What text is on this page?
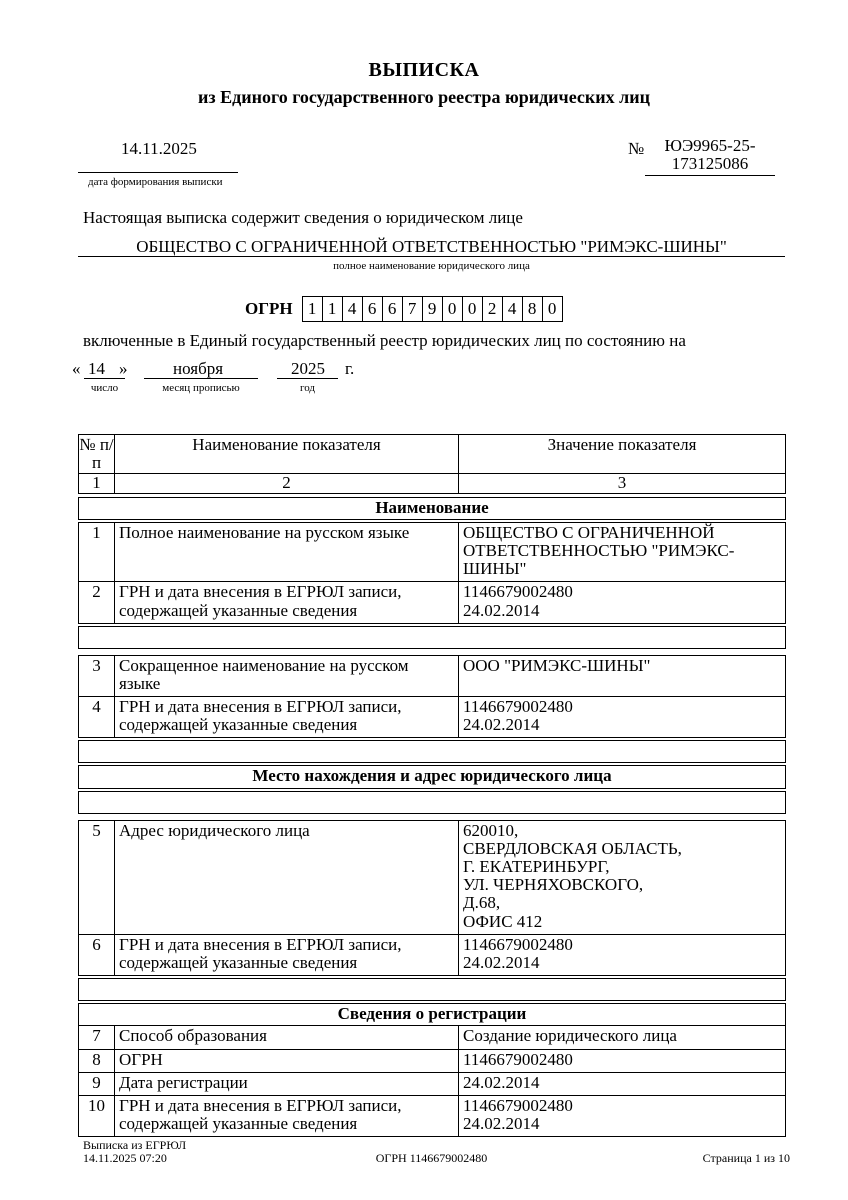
ВЫПИСКА
из Единого государственного реестра юридических лиц
14.11.2025
дата формирования выписки
№	ЮЭ9965-25-
173125086
Настоящая выписка содержит сведения о юридическом лице
ОБЩЕСТВО С ОГРАНИЧЕННОЙ ОТВЕТСТВЕННОСТЬЮ "РИМЭКС-ШИНЫ"
полное наименование юридического лица
ОГРН 1 1 4 6 6 7 9 0 0 2 4 8 0
включенные в Единый государственный реестр юридических лиц по состоянию на
« 14 »
число
ноября
месяц прописью
2025
год
г.
№ п/п	Наименование показателя	Значение показателя
1	2	3

Наименование		

1	Полное наименование на русском языке	ОБЩЕСТВО С ОГРАНИЧЕННОЙ
ОТВЕТСТВЕННОСТЬЮ "РИМЭКС-
ШИНЫ"
2	ГРН и дата внесения в ЕГРЮЛ записи,
содержащей указанные сведения	1146679002480
24.02.2014

3	Сокращенное наименование на русском
языке	ООО "РИМЭКС-ШИНЫ"
4	ГРН и дата внесения в ЕГРЮЛ записи,
содержащей указанные сведения	1146679002480
24.02.2014

Место нахождения и адрес юридического лица		

5	Адрес юридического лица	620010,
СВЕРДЛОВСКАЯ ОБЛАСТЬ,
Г. ЕКАТЕРИНБУРГ,
УЛ. ЧЕРНЯХОВСКОГО,
Д.68,
ОФИС 412
6	ГРН и дата внесения в ЕГРЮЛ записи,
содержащей указанные сведения	1146679002480
24.02.2014

Сведения о регистрации		
7	Способ образования	Создание юридического лица
8	ОГРН	1146679002480
9	Дата регистрации	24.02.2014
10	ГРН и дата внесения в ЕГРЮЛ записи,
содержащей указанные сведения	1146679002480
24.02.2014
Выписка из ЕГРЮЛ
14.11.2025 07:20	ОГРН 1146679002480	Страница 1 из 10
